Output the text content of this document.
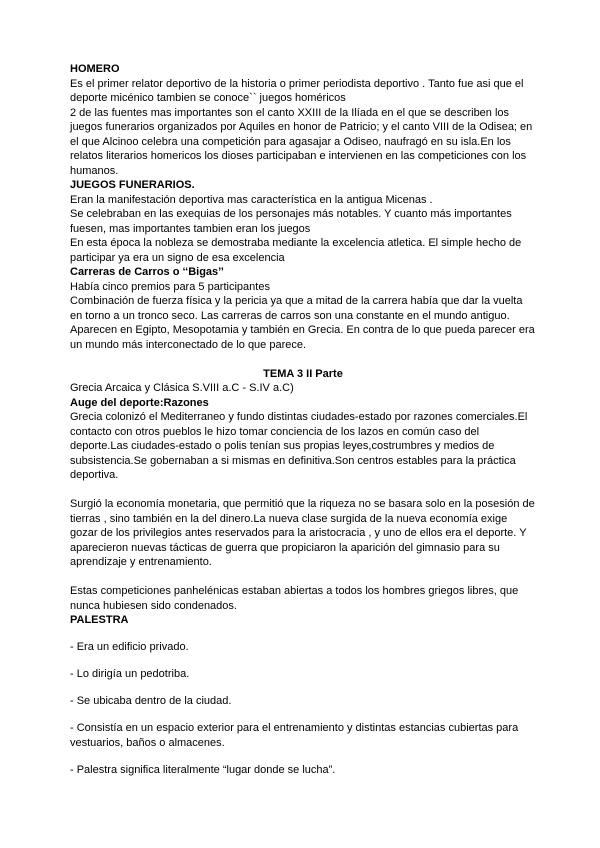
HOMERO
Es el primer relator deportivo de la historia o primer periodista deportivo . Tanto fue asi que el deporte micénico tambien se conoce`` juegos homéricos
2 de las fuentes mas importantes son el canto XXIII de la Ilíada en el que se describen los juegos funerarios organizados por Aquiles en honor de Patricio; y el canto VIII de la Odisea; en el que Alcinoo celebra una competición para agasajar a Odiseo, naufragó en su isla.En los relatos literarios homericos los dioses participaban e intervienen en las competiciones con los humanos.
JUEGOS FUNERARIOS.
Eran la manifestación deportiva mas característica en la antigua Micenas .
Se celebraban en las exequias de los personajes más notables. Y cuanto más importantes fuesen, mas importantes tambien eran los juegos
En esta época la nobleza se demostraba mediante la excelencia atletica. El simple hecho de participar ya era un signo de esa excelencia
Carreras de Carros o ‘‘Bigas’’
Había cinco premios para 5 participantes
Combinación de fuerza física y la pericia ya que a mitad de la carrera había que dar la vuelta
en torno a un tronco seco. Las carreras de carros son una constante en el mundo antiguo. Aparecen en Egipto, Mesopotamia y también en Grecia. En contra de lo que pueda parecer era un mundo más interconectado de lo que parece.
TEMA 3 II Parte
Grecia Arcaica y Clásica S.VIII a.C - S.IV a.C)
Auge del deporte:Razones
Grecia colonizó el Mediterraneo y fundo distintas ciudades-estado por razones comerciales.El contacto con otros pueblos le hizo tomar conciencia de los lazos en común caso del deporte.Las ciudades-estado o polis tenían sus propias leyes,costrumbres y medios de subsistencia.Se gobernaban a si mismas en definitiva.Son centros estables para la práctica deportiva.
Surgió la economía monetaria, que permitió que la riqueza no se basara solo en la posesión de tierras , sino también en la del dinero.La nueva clase surgida de la nueva economía exige gozar de los privilegios antes reservados para la aristocracia , y uno de ellos era el deporte. Y aparecieron nuevas tácticas de guerra que propiciaron la aparición del gimnasio para su aprendizaje y entrenamiento.
Estas competiciones panhelénicas estaban abiertas a todos los hombres griegos libres, que nunca hubiesen sido condenados.
PALESTRA
- Era un edificio privado.
- Lo dirigía un pedotriba.
- Se ubicaba dentro de la ciudad.
- Consistía en un espacio exterior para el entrenamiento y distintas estancias cubiertas para vestuarios, baños o almacenes.
- Palestra significa literalmente “lugar donde se lucha”.
